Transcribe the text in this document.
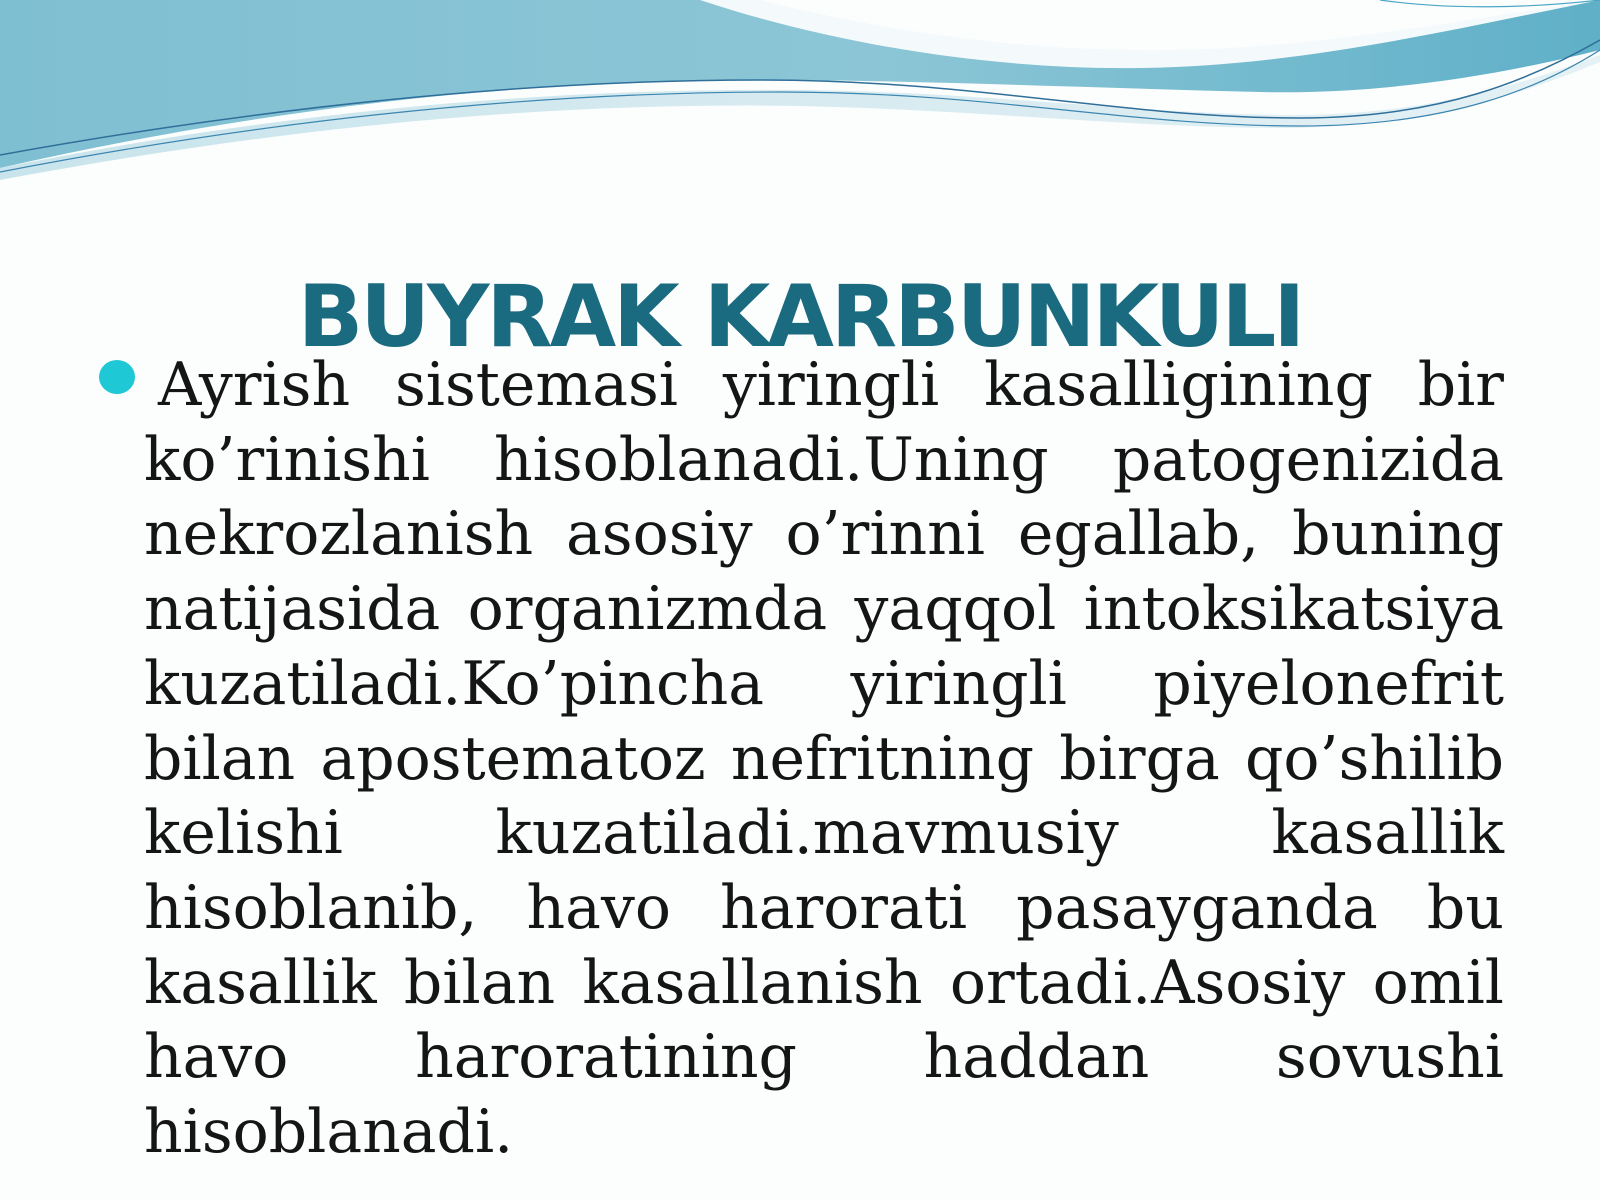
BUYRAK KARBUNKULI

Ayrish sistemasi yiringli kasalligining bir ko’rinishi hisoblanadi.Uning patogenizida nekrozlanish asosiy o’rinni egallab, buning natijasida organizmda yaqqol intoksikatsiya kuzatiladi.Ko’pincha yiringli piyelonefrit bilan apostematoz nefritning birga qo’shilib kelishi kuzatiladi.mavmusiy kasallik hisoblanib, havo harorati pasayganda bu kasallik bilan kasallanish ortadi.Asosiy omil havo haroratining haddan sovushi hisoblanadi.
